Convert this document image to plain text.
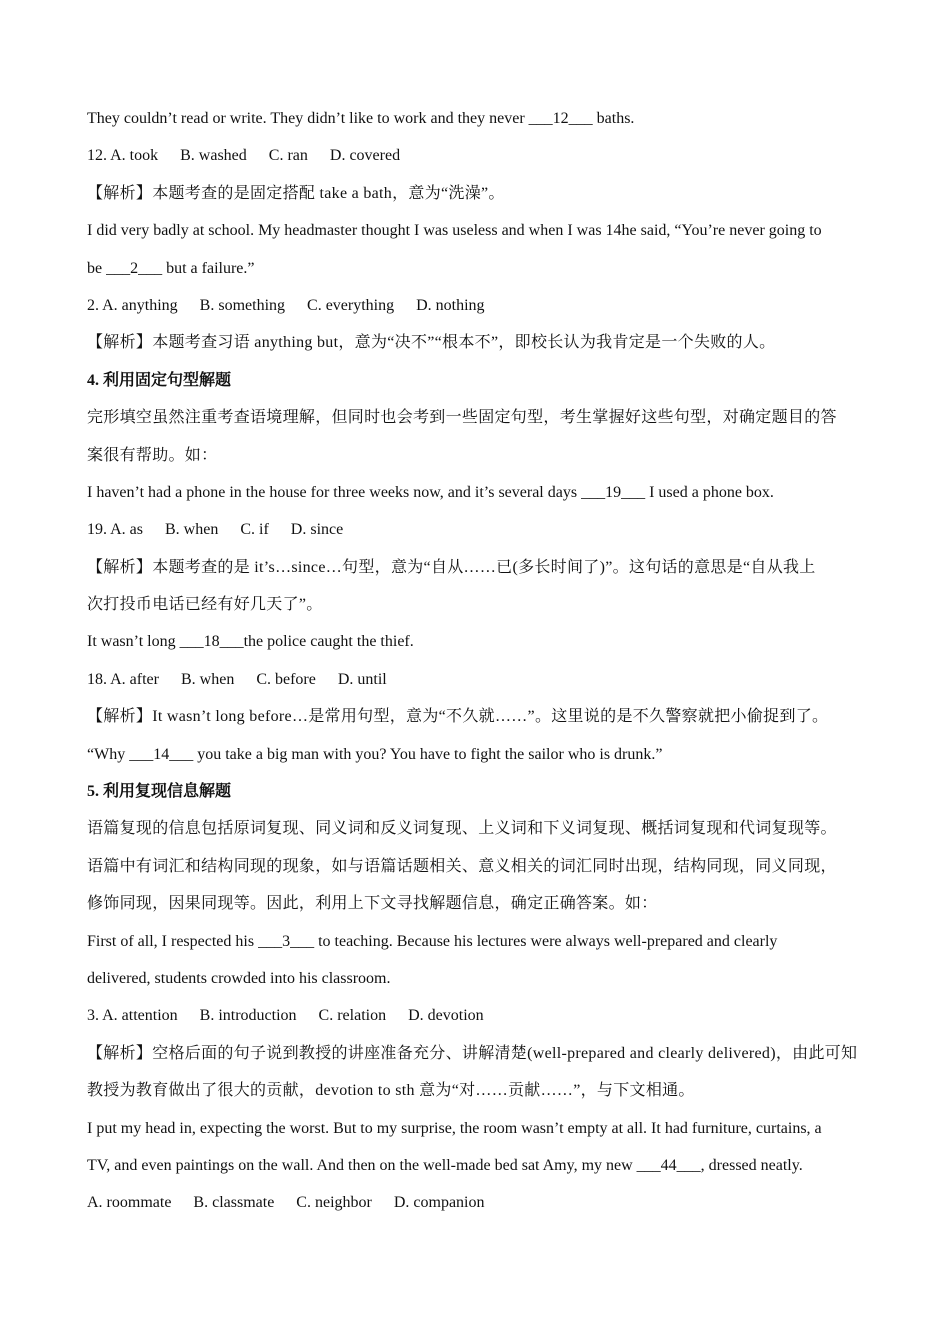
They couldn’t read or write. They didn’t like to work and they never ___12___ baths.
12. A. took B. washed C. ran D. covered
【解析】本题考查的是固定搭配 take a bath，意为“洗澡”。
I did very badly at school. My headmaster thought I was useless and when I was 14he said, “You’re never going to
be ___2___ but a failure.”
2. A. anything B. something C. everything D. nothing
【解析】本题考查习语 anything but，意为“决不”“根本不”，即校长认为我肯定是一个失败的人。
4. 利用固定句型解题
完形填空虽然注重考查语境理解，但同时也会考到一些固定句型，考生掌握好这些句型，对确定题目的答
案很有帮助。如：
I haven’t had a phone in the house for three weeks now, and it’s several days ___19___ I used a phone box.
19. A. as B. when C. if D. since
【解析】本题考查的是 it’s…since…句型，意为“自从……已(多长时间了)”。这句话的意思是“自从我上
次打投币电话已经有好几天了”。
It wasn’t long ___18___the police caught the thief.
18. A. after B. when C. before D. until
【解析】It wasn’t long before…是常用句型，意为“不久就……”。这里说的是不久警察就把小偷捉到了。
“Why ___14___ you take a big man with you? You have to fight the sailor who is drunk.”
5. 利用复现信息解题
语篇复现的信息包括原词复现、同义词和反义词复现、上义词和下义词复现、概括词复现和代词复现等。
语篇中有词汇和结构同现的现象，如与语篇话题相关、意义相关的词汇同时出现，结构同现，同义同现，
修饰同现，因果同现等。因此，利用上下文寻找解题信息，确定正确答案。如：
First of all, I respected his ___3___ to teaching. Because his lectures were always well-prepared and clearly
delivered, students crowded into his classroom.
3. A. attention B. introduction C. relation D. devotion
【解析】空格后面的句子说到教授的讲座准备充分、讲解清楚(well-prepared and clearly delivered)，由此可知
教授为教育做出了很大的贡献，devotion to sth 意为“对……贡献……”，与下文相通。
I put my head in, expecting the worst. But to my surprise, the room wasn’t empty at all. It had furniture, curtains, a
TV, and even paintings on the wall. And then on the well-made bed sat Amy, my new ___44___, dressed neatly.
A. roommate B. classmate C. neighbor D. companion
